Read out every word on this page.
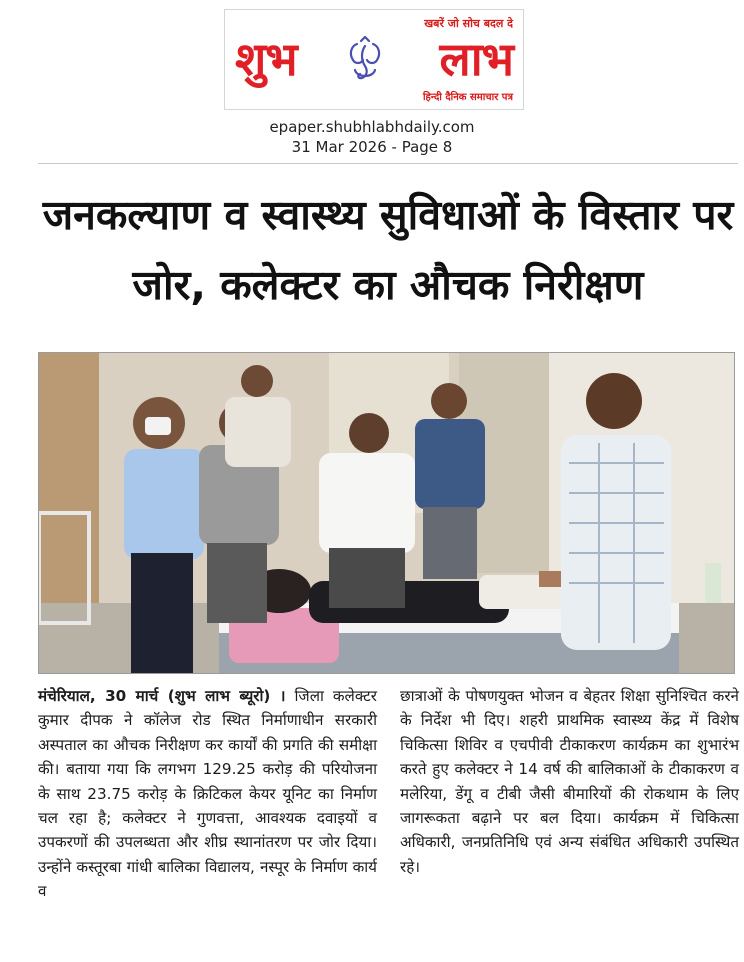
खबरें जो सोच बदल दे
शुभ	लाभ
हिन्दी दैनिक समाचार पत्र
epaper.shubhlabhdaily.com
31 Mar 2026 - Page 8
जनकल्याण व स्वास्थ्य सुविधाओं के विस्तार पर जोर, कलेक्टर का औचक निरीक्षण

मंचेरियाल, 30 मार्च (शुभ लाभ ब्यूरो) । जिला कलेक्टर कुमार दीपक ने कॉलेज रोड स्थित निर्माणाधीन सरकारी अस्पताल का औचक निरीक्षण कर कार्यों की प्रगति की समीक्षा की। बताया गया कि लगभग 129.25 करोड़ की परियोजना के साथ 23.75 करोड़ के क्रिटिकल केयर यूनिट का निर्माण चल रहा है; कलेक्टर ने गुणवत्ता, आवश्यक दवाइयों व उपकरणों की उपलब्धता और शीघ्र स्थानांतरण पर जोर दिया।उन्होंने कस्तूरबा गांधी बालिका विद्यालय, नस्पूर के निर्माण कार्य व

छात्राओं के पोषणयुक्त भोजन व बेहतर शिक्षा सुनिश्चित करने के निर्देश भी दिए। शहरी प्राथमिक स्वास्थ्य केंद्र में विशेष चिकित्सा शिविर व एचपीवी टीकाकरण कार्यक्रम का शुभारंभ करते हुए कलेक्टर ने 14 वर्ष की बालिकाओं के टीकाकरण व मलेरिया, डेंगू व टीबी जैसी बीमारियों की रोकथाम के लिए जागरूकता बढ़ाने पर बल दिया। कार्यक्रम में चिकित्सा अधिकारी, जनप्रतिनिधि एवं अन्य संबंधित अधिकारी उपस्थित रहे।
